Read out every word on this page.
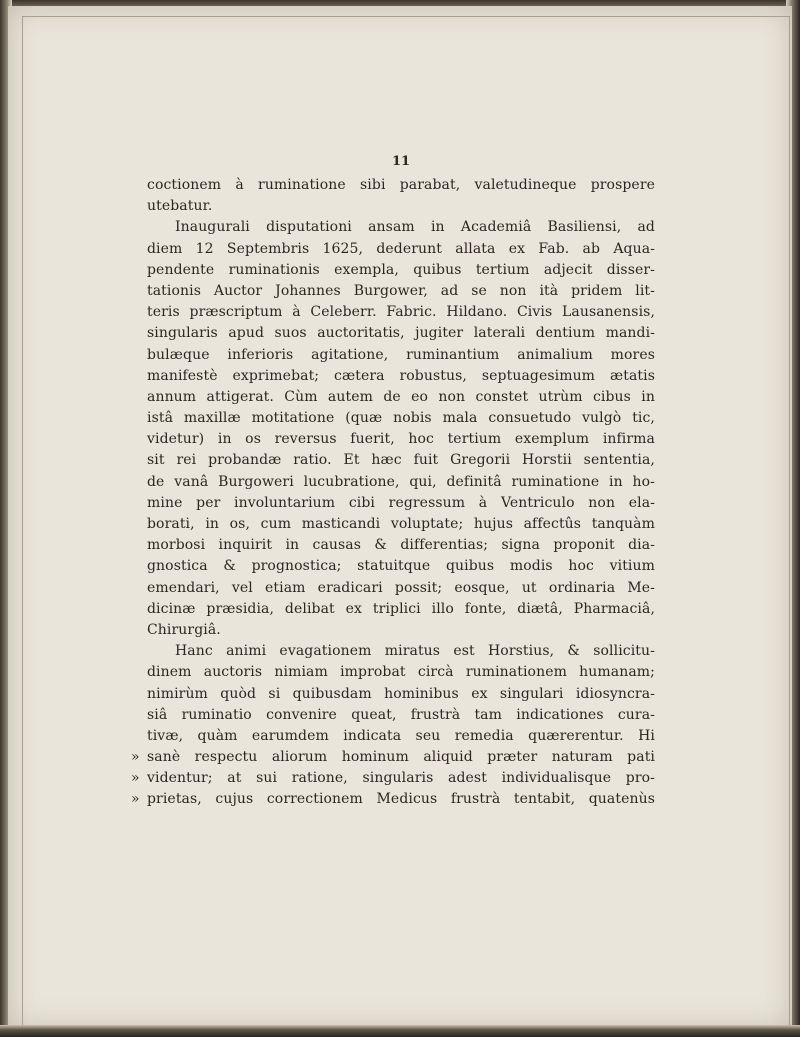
11
coctionem à ruminatione sibi parabat, valetudineque prospere
utebatur.
Inaugurali disputationi ansam in Academiâ Basiliensi, ad
diem 12 Septembris 1625, dederunt allata ex Fab. ab Aqua-
pendente ruminationis exempla, quibus tertium adjecit disser-
tationis Auctor Johannes Burgower, ad se non ità pridem lit-
teris præscriptum à Celeberr. Fabric. Hildano. Civis Lausanensis,
singularis apud suos auctoritatis, jugiter laterali dentium mandi-
bulæque inferioris agitatione, ruminantium animalium mores
manifestè exprimebat; cætera robustus, septuagesimum ætatis
annum attigerat. Cùm autem de eo non constet utrùm cibus in
istâ maxillæ motitatione (quæ nobis mala consuetudo vulgò tic,
videtur) in os reversus fuerit, hoc tertium exemplum infirma
sit rei probandæ ratio. Et hæc fuit Gregorii Horstii sententia,
de vanâ Burgoweri lucubratione, qui, definitâ ruminatione in ho-
mine per involuntarium cibi regressum à Ventriculo non ela-
borati, in os, cum masticandi voluptate; hujus affectûs tanquàm
morbosi inquirit in causas & differentias; signa proponit dia-
gnostica & prognostica; statuitque quibus modis hoc vitium
emendari, vel etiam eradicari possit; eosque, ut ordinaria Me-
dicinæ præsidia, delibat ex triplici illo fonte, diætâ, Pharmaciâ,
Chirurgiâ.
Hanc animi evagationem miratus est Horstius, & sollicitu-
dinem auctoris nimiam improbat circà ruminationem humanam;
nimirùm quòd si quibusdam hominibus ex singulari idiosyncra-
siâ ruminatio convenire queat, frustrà tam indicationes cura-
tivæ, quàm earumdem indicata seu remedia quærerentur. Hi
sanè respectu aliorum hominum aliquid præter naturam pati
videntur; at sui ratione, singularis adest individualisque pro-
prietas, cujus correctionem Medicus frustrà tentabit, quatenùs
